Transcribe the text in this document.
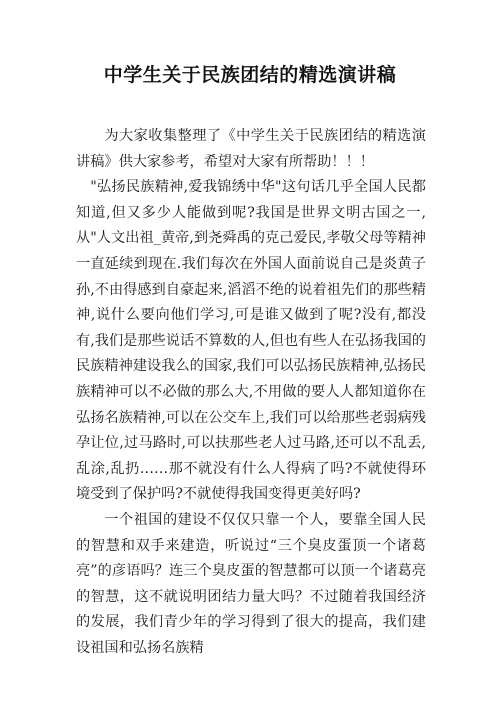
中学生关于民族团结的精选演讲稿

为大家收集整理了《中学生关于民族团结的精选演讲稿》供大家参考，希望对大家有所帮助！！！

"弘扬民族精神,爱我锦绣中华"这句话几乎全国人民都知道,但又多少人能做到呢?我国是世界文明古国之一,从"人文出祖_黄帝,到尧舜禹的克己爱民,孝敬父母等精神一直延续到现在.我们每次在外国人面前说自己是炎黄子孙,不由得感到自豪起来,滔滔不绝的说着祖先们的那些精神,说什么要向他们学习,可是谁又做到了呢?没有,都没有,我们是那些说话不算数的人,但也有些人在弘扬我国的民族精神建设我么的国家,我们可以弘扬民族精神,弘扬民族精神可以不必做的那么大,不用做的要人人都知道你在弘扬名族精神,可以在公交车上,我们可以给那些老弱病残孕让位,过马路时,可以扶那些老人过马路,还可以不乱丢,乱涂,乱扔……那不就没有什么人得病了吗?不就使得环境受到了保护吗?不就使得我国变得更美好吗?

一个祖国的建设不仅仅只靠一个人，要靠全国人民的智慧和双手来建造，听说过“三个臭皮蛋顶一个诸葛亮”的彦语吗？连三个臭皮蛋的智慧都可以顶一个诸葛亮的智慧，这不就说明团结力量大吗？不过随着我国经济的发展，我们青少年的学习得到了很大的提高，我们建设祖国和弘扬名族精
